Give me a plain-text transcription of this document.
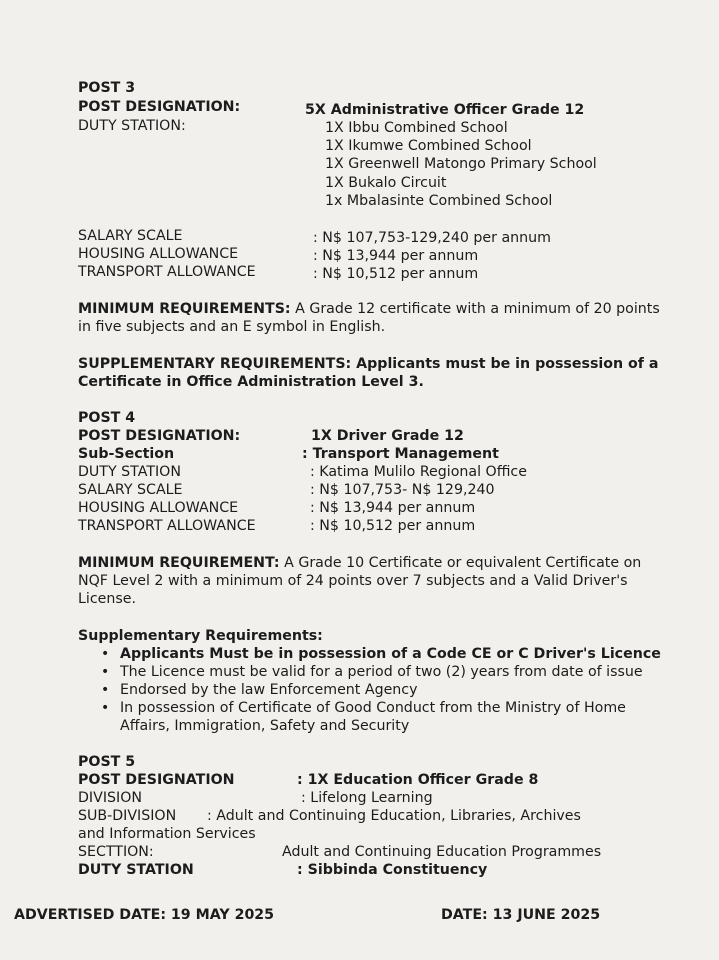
POST 3
POST DESIGNATION:	5X Administrative Officer Grade 12
DUTY STATION:	1X Ibbu Combined School
1X Ikumwe Combined School
1X Greenwell Matongo Primary School
1X Bukalo Circuit
1x Mbalasinte Combined School
SALARY SCALE	: N$ 107,753-129,240 per annum
HOUSING ALLOWANCE	: N$ 13,944 per annum
TRANSPORT ALLOWANCE	: N$ 10,512 per annum
MINIMUM REQUIREMENTS: A Grade 12 certificate with a minimum of 20 points
in five subjects and an E symbol in English.
SUPPLEMENTARY REQUIREMENTS: Applicants must be in possession of a
Certificate in Office Administration Level 3.
POST 4
POST DESIGNATION:	1X Driver Grade 12
Sub-Section	: Transport Management
DUTY STATION	: Katima Mulilo Regional Office
SALARY SCALE	: N$ 107,753- N$ 129,240
HOUSING ALLOWANCE	: N$ 13,944 per annum
TRANSPORT ALLOWANCE	: N$ 10,512 per annum
MINIMUM REQUIREMENT: A Grade 10 Certificate or equivalent Certificate on
NQF Level 2 with a minimum of 24 points over 7 subjects and a Valid Driver's
License.
Supplementary Requirements:
• Applicants Must be in possession of a Code CE or C Driver's Licence
• The Licence must be valid for a period of two (2) years from date of issue
• Endorsed by the law Enforcement Agency
• In possession of Certificate of Good Conduct from the Ministry of Home
Affairs, Immigration, Safety and Security
POST 5
POST DESIGNATION	: 1X Education Officer Grade 8
DIVISION	: Lifelong Learning
SUB-DIVISION : Adult and Continuing Education, Libraries, Archives
and Information Services
SECTTION:	Adult and Continuing Education Programmes
DUTY STATION	: Sibbinda Constituency
ADVERTISED DATE: 19 MAY 2025	DATE: 13 JUNE 2025
